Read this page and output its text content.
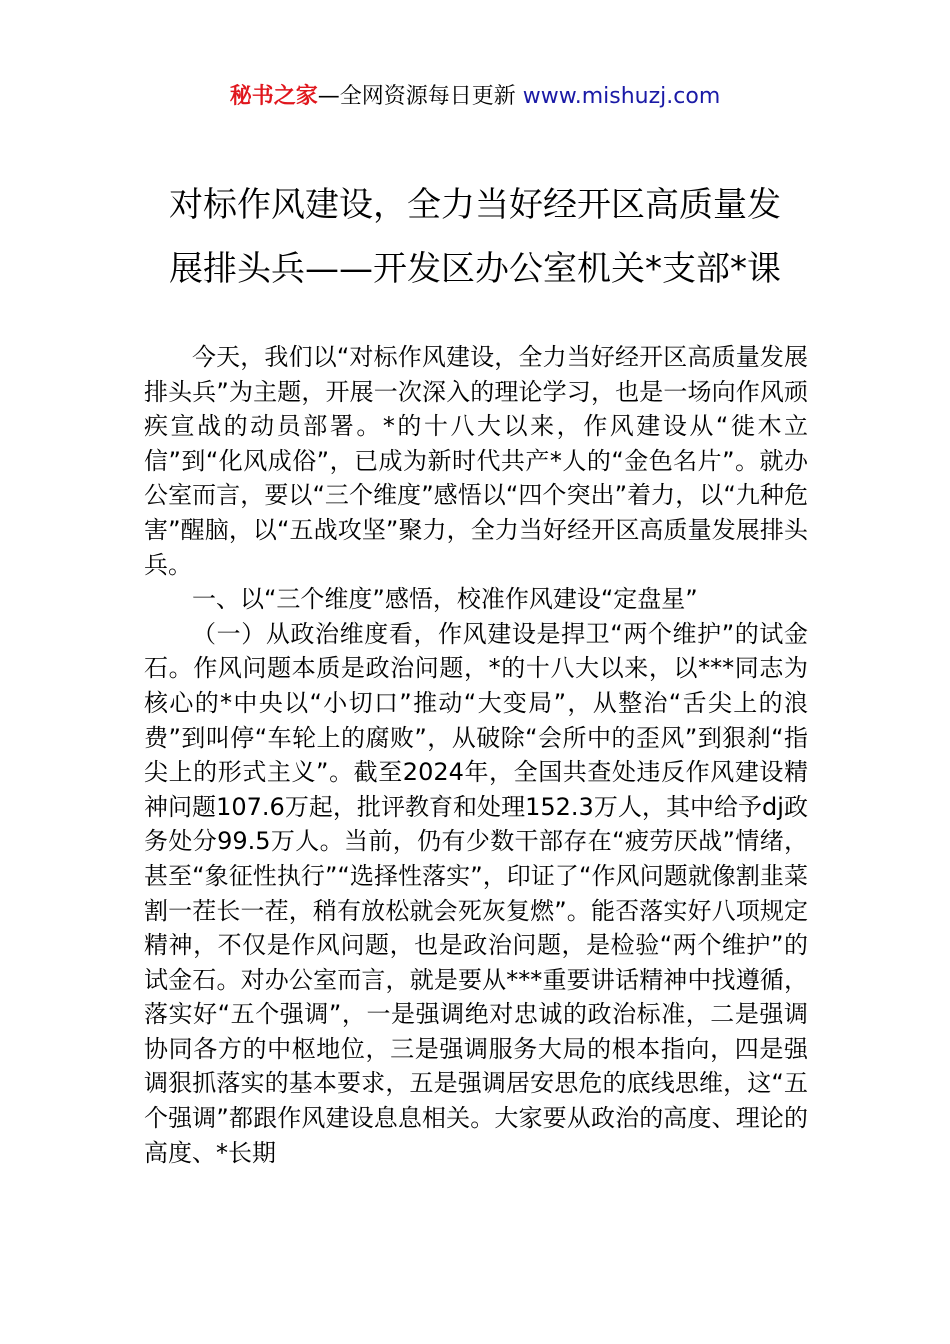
秘书之家—全网资源每日更新 www.mishuzj.com
对标作风建设，全力当好经开区高质量发
展排头兵——开发区办公室机关*支部*课

今天，我们以“对标作风建设，全力当好经开区高质量发展排头兵”为主题，开展一次深入的理论学习，也是一场向作风顽疾宣战的动员部署。*的十八大以来，作风建设从“徙木立信”到“化风成俗”，已成为新时代共产*人的“金色名片”。就办公室而言，要以“三个维度”感悟以“四个突出”着力，以“九种危害”醒脑，以“五战攻坚”聚力，全力当好经开区高质量发展排头兵。

一、以“三个维度”感悟，校准作风建设“定盘星”

（一）从政治维度看，作风建设是捍卫“两个维护”的试金石。作风问题本质是政治问题，*的十八大以来，以***同志为核心的*中央以“小切口”推动“大变局”，从整治“舌尖上的浪费”到叫停“车轮上的腐败”，从破除“会所中的歪风”到狠刹“指尖上的形式主义”。截至2024年，全国共查处违反作风建设精神问题107.6万起，批评教育和处理152.3万人，其中给予dj政务处分99.5万人。当前，仍有少数干部存在“疲劳厌战”情绪，甚至“象征性执行”“选择性落实”，印证了“作风问题就像割韭菜割一茬长一茬，稍有放松就会死灰复燃”。能否落实好八项规定精神，不仅是作风问题，也是政治问题，是检验“两个维护”的试金石。对办公室而言，就是要从***重要讲话精神中找遵循，落实好“五个强调”，一是强调绝对忠诚的政治标准，二是强调协同各方的中枢地位，三是强调服务大局的根本指向，四是强调狠抓落实的基本要求，五是强调居安思危的底线思维，这“五个强调”都跟作风建设息息相关。大家要从政治的高度、理论的高度、*长期
